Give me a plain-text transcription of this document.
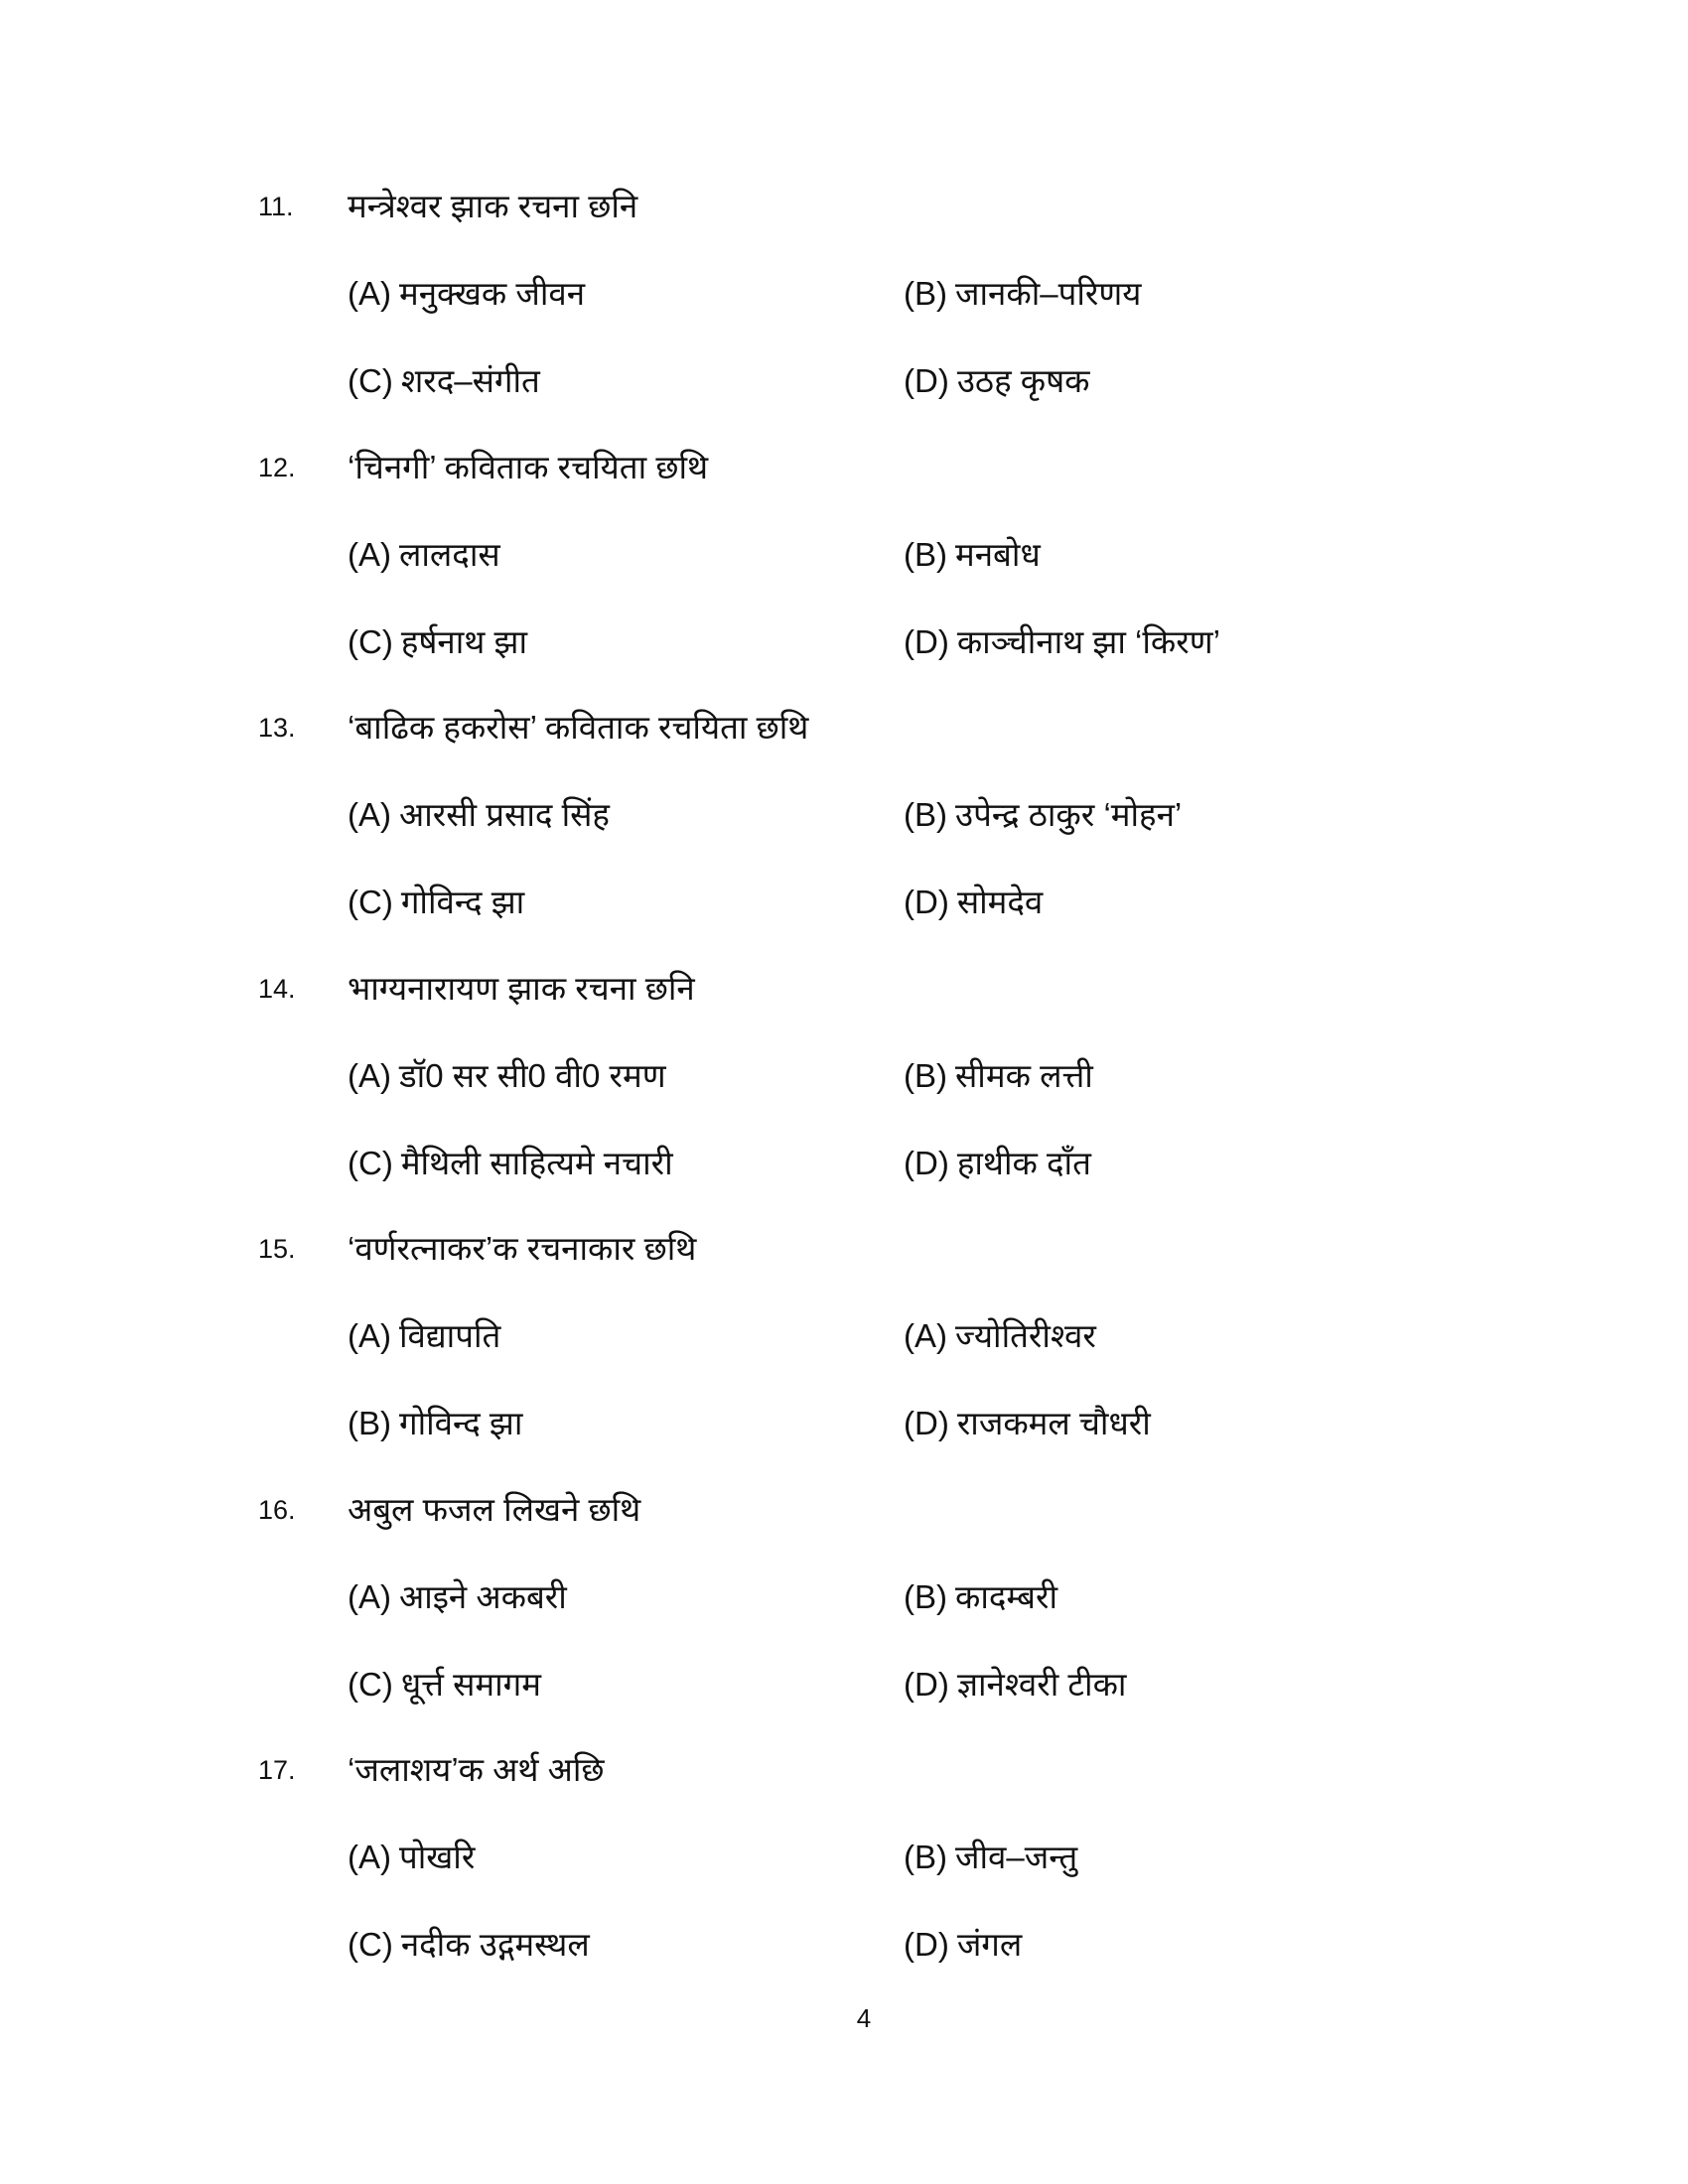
11. मन्त्रेश्वर झाक रचना छनि
(A) मनुक्खक जीवन	(B) जानकी–परिणय
(C) शरद–संगीत	(D) उठह कृषक
12. ‘चिनगी’ कविताक रचयिता छथि
(A) लालदास	(B) मनबोध
(C) हर्षनाथ झा	(D) काञ्चीनाथ झा ‘किरण’
13. ‘बाढिक हकरोस’ कविताक रचयिता छथि
(A) आरसी प्रसाद सिंह	(B) उपेन्द्र ठाकुर ‘मोहन’
(C) गोविन्द झा	(D) सोमदेव
14. भाग्यनारायण झाक रचना छनि
(A) डॉ0 सर सी0 वी0 रमण	(B) सीमक लत्ती
(C) मैथिली साहित्यमे नचारी	(D) हाथीक दाँत
15. ‘वर्णरत्नाकर’क रचनाकार छथि
(A) विद्यापति	(A) ज्योतिरीश्वर
(B) गोविन्द झा	(D) राजकमल चौधरी
16. अबुल फजल लिखने छथि
(A) आइने अकबरी	(B) कादम्बरी
(C) धूर्त्त समागम	(D) ज्ञानेश्वरी टीका
17. ‘जलाशय’क अर्थ अछि
(A) पोखरि	(B) जीव–जन्तु
(C) नदीक उद्गमस्थल	(D) जंगल
4
